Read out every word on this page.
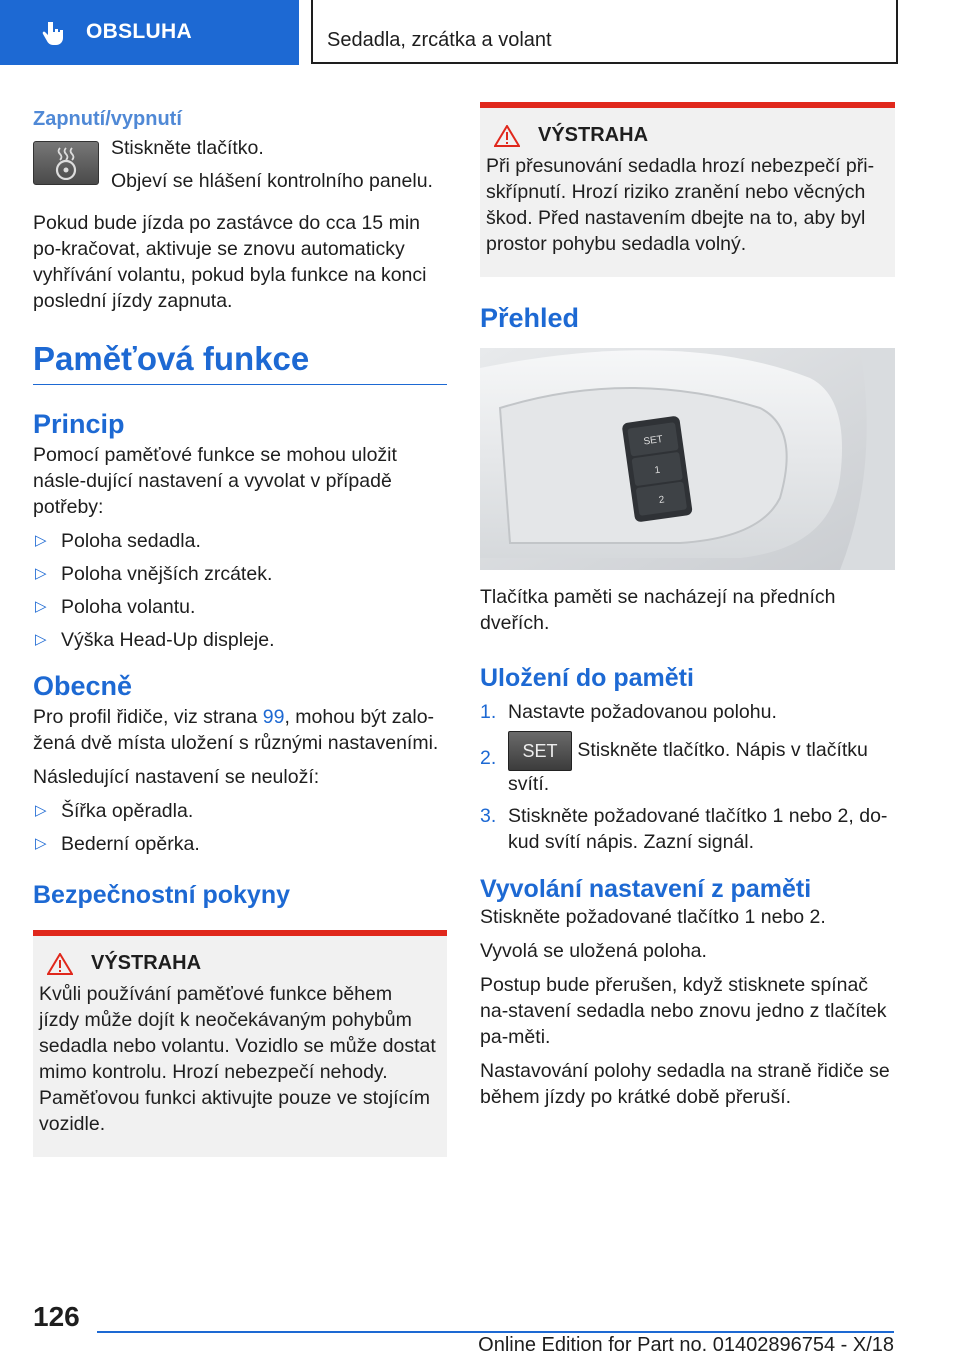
OBSLUHA	Sedadla, zrcátka a volant
Zapnutí/vypnutí

Stiskněte tlačítko.

Objeví se hlášení kontrolního panelu.

Pokud bude jízda po zastávce do cca 15 min po-kračovat, aktivuje se znovu automaticky vyhřívání volantu, pokud byla funkce na konci poslední jízdy zapnuta.

Paměťová funkce
Princip

Pomocí paměťové funkce se mohou uložit násle-dující nastavení a vyvolat v případě potřeby:

▷ Poloha sedadla.
▷ Poloha vnějších zrcátek.
▷ Poloha volantu.
▷ Výška Head-Up displeje.
Obecně

Pro profil řidiče, viz strana 99, mohou být zalo-žená dvě místa uložení s různými nastaveními.

Následující nastavení se neuloží:

▷ Šířka opěradla.
▷ Bederní opěrka.
Bezpečnostní pokyny
VÝSTRAHA

Kvůli používání paměťové funkce během jízdy může dojít k neočekávaným pohybům sedadla nebo volantu. Vozidlo se může dostat mimo kontrolu. Hrozí nebezpečí nehody. Paměťovou funkci aktivujte pouze ve stojícím vozidle.

VÝSTRAHA

Při přesunování sedadla hrozí nebezpečí při-skřípnutí. Hrozí riziko zranění nebo věcných škod. Před nastavením dbejte na to, aby byl prostor pohybu sedadla volný.

Přehled
SET
1
2

Tlačítka paměti se nacházejí na předních dveřích.

Uložení do paměti
1. Nastavte požadovanou polohu.
2. SET Stiskněte tlačítko. Nápis v tlačítku svítí.
3. Stiskněte požadované tlačítko 1 nebo 2, do-kud svítí nápis. Zazní signál.
Vyvolání nastavení z paměti

Stiskněte požadované tlačítko 1 nebo 2.

Vyvolá se uložená poloha.

Postup bude přerušen, když stisknete spínač na-stavení sedadla nebo znovu jedno z tlačítek pa-měti.

Nastavování polohy sedadla na straně řidiče se během jízdy po krátké době přeruší.

126
Online Edition for Part no. 01402896754 - X/18
